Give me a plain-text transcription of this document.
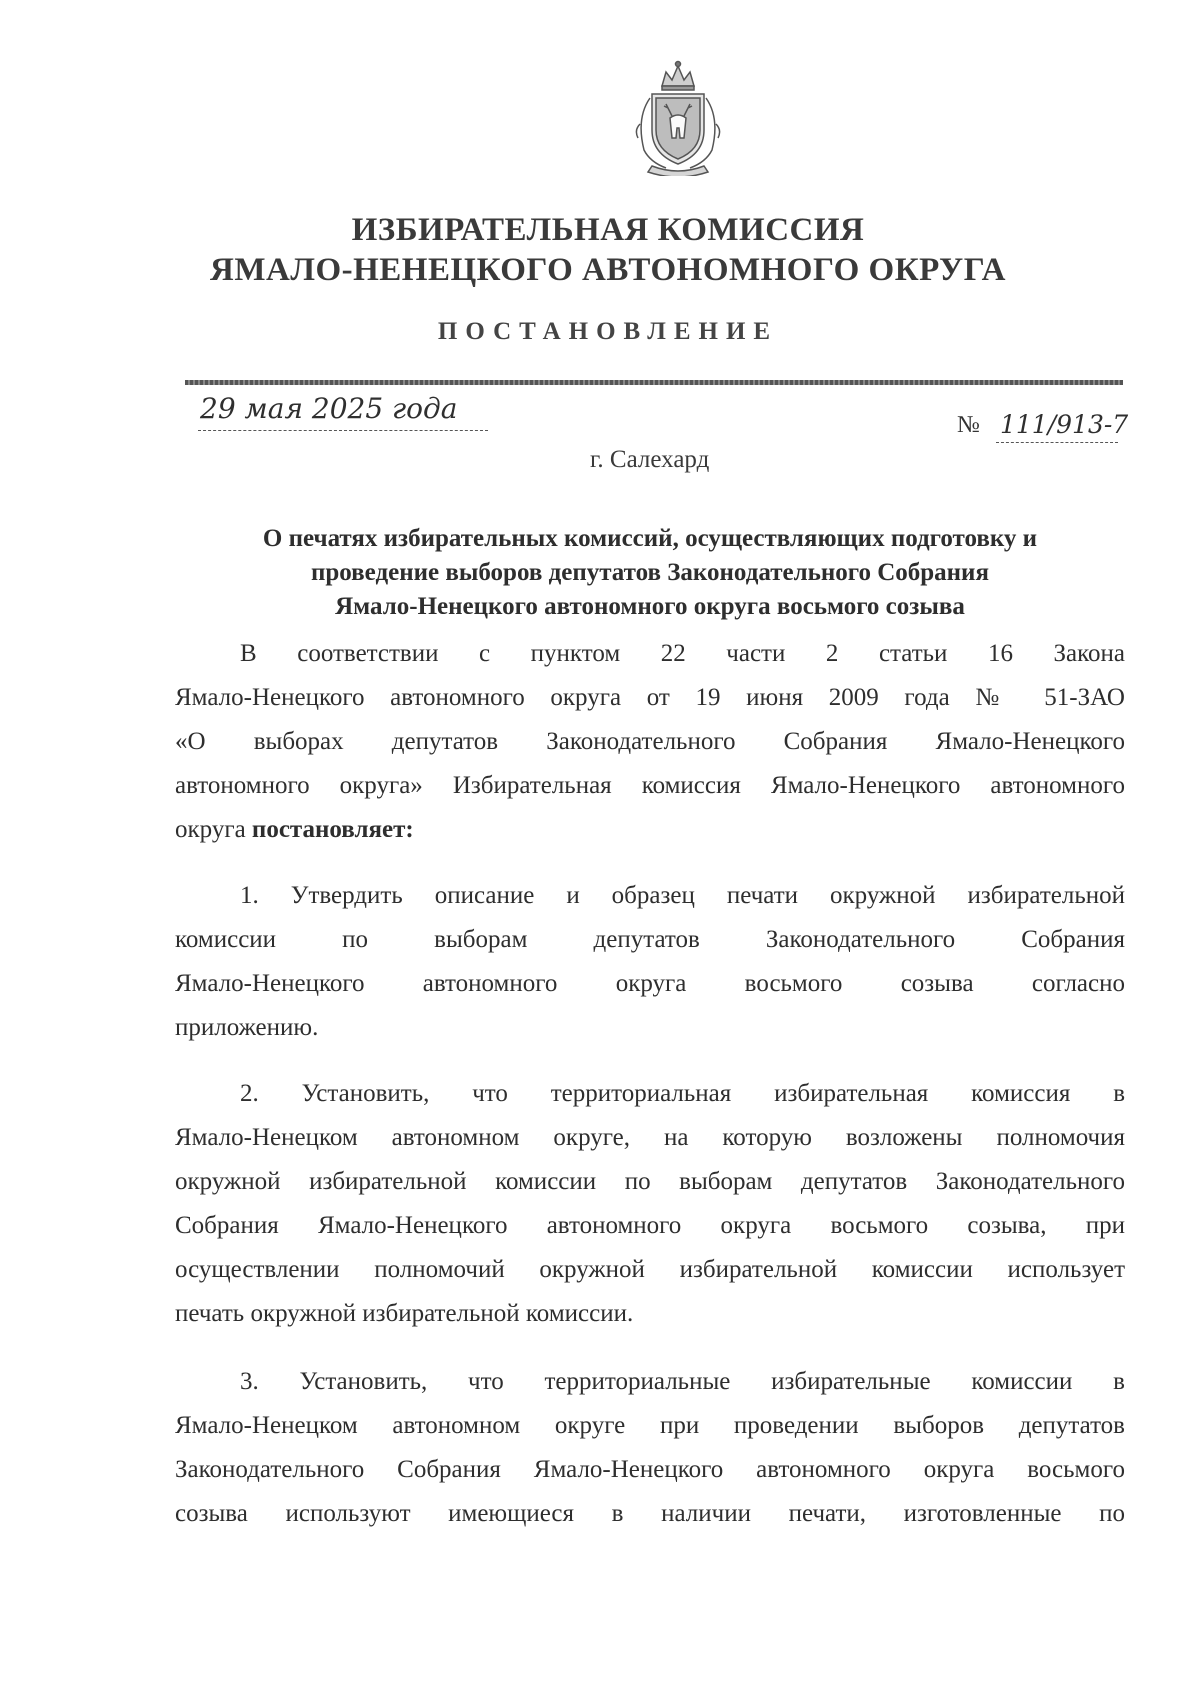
ИЗБИРАТЕЛЬНАЯ КОМИССИЯ
ЯМАЛО-НЕНЕЦКОГО АВТОНОМНОГО ОКРУГА
ПОСТАНОВЛЕНИЕ
29 мая 2025 года	№ 111/913-7
г. Салехард
О печатях избирательных комиссий, осуществляющих подготовку и
проведение выборов депутатов Законодательного Собрания
Ямало-Ненецкого автономного округа восьмого созыва
В соответствии с пунктом 22 части 2 статьи 16 Закона
Ямало-Ненецкого автономного округа от 19 июня 2009 года № 51-ЗАО
«О выборах депутатов Законодательного Собрания Ямало-Ненецкого
автономного округа» Избирательная комиссия Ямало-Ненецкого автономного
округа постановляет:
1. Утвердить описание и образец печати окружной избирательной
комиссии по выборам депутатов Законодательного Собрания
Ямало-Ненецкого автономного округа восьмого созыва согласно
приложению.
2. Установить, что территориальная избирательная комиссия в
Ямало-Ненецком автономном округе, на которую возложены полномочия
окружной избирательной комиссии по выборам депутатов Законодательного
Собрания Ямало-Ненецкого автономного округа восьмого созыва, при
осуществлении полномочий окружной избирательной комиссии использует
печать окружной избирательной комиссии.
3. Установить, что территориальные избирательные комиссии в
Ямало-Ненецком автономном округе при проведении выборов депутатов
Законодательного Собрания Ямало-Ненецкого автономного округа восьмого
созыва используют имеющиеся в наличии печати, изготовленные по
